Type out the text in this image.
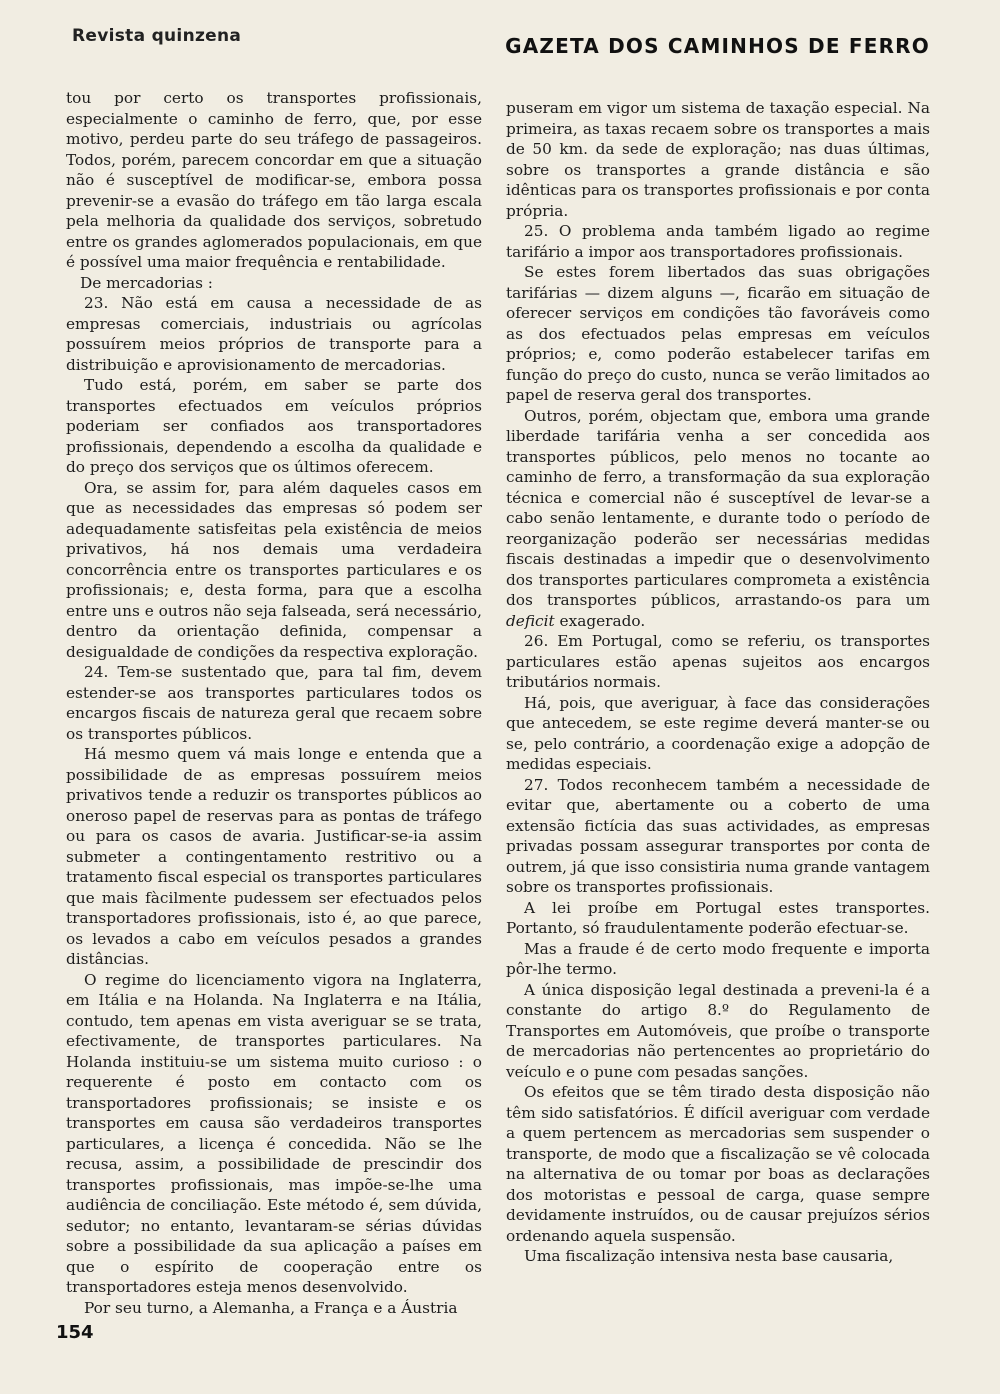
Revista quinzena	GAZETA DOS CAMINHOS DE FERRO

tou por certo os transportes profissionais, especialmente o caminho de ferro, que, por esse motivo, perdeu parte do seu tráfego de passageiros. Todos, porém, parecem concordar em que a situação não é susceptível de modificar-se, embora possa prevenir-se a evasão do tráfego em tão larga escala pela melhoria da qualidade dos serviços, sobretudo entre os grandes aglomerados populacionais, em que é possível uma maior frequência e rentabilidade.

De mercadorias :

23. Não está em causa a necessidade de as empresas comerciais, industriais ou agrícolas possuírem meios próprios de transporte para a distribuição e aprovisionamento de mercadorias.

Tudo está, porém, em saber se parte dos transportes efectuados em veículos próprios poderiam ser confiados aos transportadores profissionais, dependendo a escolha da qualidade e do preço dos serviços que os últimos oferecem.

Ora, se assim for, para além daqueles casos em que as necessidades das empresas só podem ser adequadamente satisfeitas pela existência de meios privativos, há nos demais uma verdadeira concorrência entre os transportes particulares e os profissionais; e, desta forma, para que a escolha entre uns e outros não seja falseada, será necessário, dentro da orientação definida, compensar a desigualdade de condições da respectiva exploração.

24. Tem-se sustentado que, para tal fim, devem estender-se aos transportes particulares todos os encargos fiscais de natureza geral que recaem sobre os transportes públicos.

Há mesmo quem vá mais longe e entenda que a possibilidade de as empresas possuírem meios privativos tende a reduzir os transportes públicos ao oneroso papel de reservas para as pontas de tráfego ou para os casos de avaria. Justificar-se-ia assim submeter a contingentamento restritivo ou a tratamento fiscal especial os transportes particulares que mais fàcilmente pudessem ser efectuados pelos transportadores profissionais, isto é, ao que parece, os levados a cabo em veículos pesados a grandes distâncias.

O regime do licenciamento vigora na Inglaterra, em Itália e na Holanda. Na Inglaterra e na Itália, contudo, tem apenas em vista averiguar se se trata, efectivamente, de transportes particulares. Na Holanda instituiu-se um sistema muito curioso : o requerente é posto em contacto com os transportadores profissionais; se insiste e os transportes em causa são verdadeiros transportes particulares, a licença é concedida. Não se lhe recusa, assim, a possibilidade de prescindir dos transportes profissionais, mas impõe-se-lhe uma audiência de conciliação. Este método é, sem dúvida, sedutor; no entanto, levantaram-se sérias dúvidas sobre a possibilidade da sua aplicação a países em que o espírito de cooperação entre os transportadores esteja menos desenvolvido.

Por seu turno, a Alemanha, a França e a Áustria

puseram em vigor um sistema de taxação especial. Na primeira, as taxas recaem sobre os transportes a mais de 50 km. da sede de exploração; nas duas últimas, sobre os transportes a grande distância e são idênticas para os transportes profissionais e por conta própria.

25. O problema anda também ligado ao regime tarifário a impor aos transportadores profissionais.

Se estes forem libertados das suas obrigações tarifárias — dizem alguns —, ficarão em situação de oferecer serviços em condições tão favoráveis como as dos efectuados pelas empresas em veículos próprios; e, como poderão estabelecer tarifas em função do preço do custo, nunca se verão limitados ao papel de reserva geral dos transportes.

Outros, porém, objectam que, embora uma grande liberdade tarifária venha a ser concedida aos transportes públicos, pelo menos no tocante ao caminho de ferro, a transformação da sua exploração técnica e comercial não é susceptível de levar-se a cabo senão lentamente, e durante todo o período de reorganização poderão ser necessárias medidas fiscais destinadas a impedir que o desenvolvimento dos transportes particulares comprometa a existência dos transportes públicos, arrastando-os para um deficit exagerado.

26. Em Portugal, como se referiu, os transportes particulares estão apenas sujeitos aos encargos tributários normais.

Há, pois, que averiguar, à face das considerações que antecedem, se este regime deverá manter-se ou se, pelo contrário, a coordenação exige a adopção de medidas especiais.

27. Todos reconhecem também a necessidade de evitar que, abertamente ou a coberto de uma extensão fictícia das suas actividades, as empresas privadas possam assegurar transportes por conta de outrem, já que isso consistiria numa grande vantagem sobre os transportes profissionais.

A lei proíbe em Portugal estes transportes. Portanto, só fraudulentamente poderão efectuar-se.

Mas a fraude é de certo modo frequente e importa pôr-lhe termo.

A única disposição legal destinada a preveni-la é a constante do artigo 8.º do Regulamento de Transportes em Automóveis, que proíbe o transporte de mercadorias não pertencentes ao proprietário do veículo e o pune com pesadas sanções.

Os efeitos que se têm tirado desta disposição não têm sido satisfatórios. É difícil averiguar com verdade a quem pertencem as mercadorias sem suspender o transporte, de modo que a fiscalização se vê colocada na alternativa de ou tomar por boas as declarações dos motoristas e pessoal de carga, quase sempre devidamente instruídos, ou de causar prejuízos sérios ordenando aquela suspensão.

Uma fiscalização intensiva nesta base causaria,

154
